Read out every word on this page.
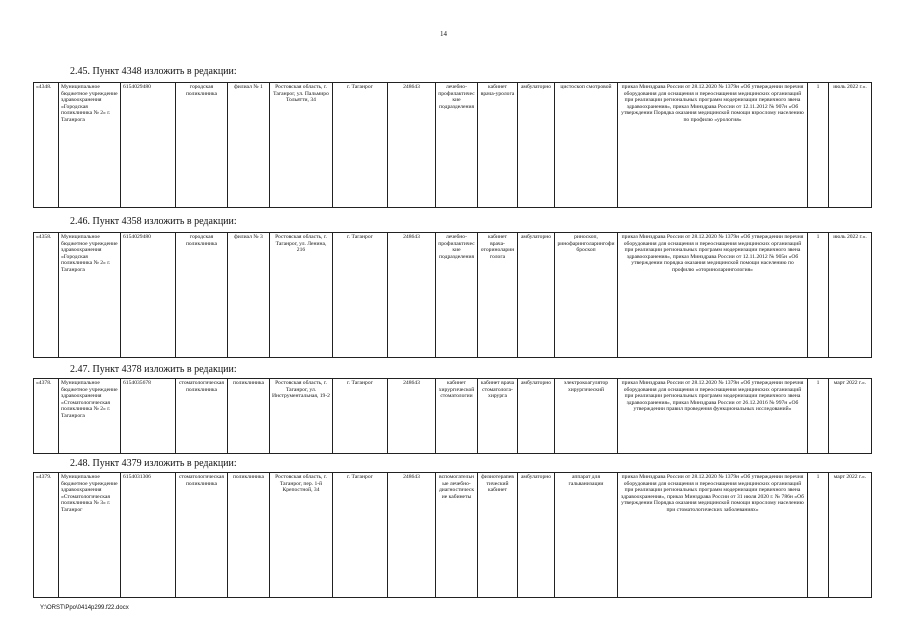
14
2.45. Пункт 4348 изложить в редакции:
«4348.	Муниципальное бюджетное учреждение здравоохранения «Городская поликлиника № 2» г. Таганрога	6154029480	городская поликлиника	филиал № 1	Ростовская область, г. Таганрог, ул. Пальмиро Тольятти, 34	г. Таганрог	248643	лечебно-профилактические подразделения	кабинет врача-уролога	амбулаторно	цистоскоп смотровой	приказ Минздрава России от 28.12.2020 № 1379н «Об утверждении перечня оборудования для оснащения и переоснащения медицинских организаций при реализации региональных программ модернизации первичного звена здравоохранения», приказ Минздрава России от 12.11.2012 № 907н «Об утверждении Порядка оказания медицинской помощи взрослому населению по профилю «урология»	1	июль 2022 г.».
2.46. Пункт 4358 изложить в редакции:
«4358.	Муниципальное бюджетное учреждение здравоохранения «Городская поликлиника № 2» г. Таганрога	6154029480	городская поликлиника	филиал № 3	Ростовская область, г. Таганрог, ул. Ленина, 216	г. Таганрог	248643	лечебно-профилактические подразделения	кабинет врача-оториноларинголога	амбулаторно	риноскоп, ринофаринголарингофиброскоп	приказ Минздрава России от 28.12.2020 № 1379н «Об утверждении перечня оборудования для оснащения и переоснащения медицинских организаций при реализации региональных программ модернизации первичного звена здравоохранения», приказ Минздрава России от 12.11.2012 № 905н «Об утверждении порядка оказания медицинской помощи населению по профилю «оториноларингология»	1	июль 2022 г.».
2.47. Пункт 4378 изложить в редакции:
«4378.	Муниципальное бюджетное учреждение здравоохранения «Стоматологическая поликлиника № 2» г. Таганрога	6154035678	стоматологическая поликлиника	поликлиника	Ростовская область, г. Таганрог, ул. Инструментальная, 19-2	г. Таганрог	248643	кабинет хирургической стоматологии	кабинет врача стоматолога-хирурга	амбулаторно	электрокоагулятор хирургический	приказ Минздрава России от 28.12.2020 № 1379н «Об утверждении перечня оборудования для оснащения и переоснащения медицинских организаций при реализации региональных программ модернизации первичного звена здравоохранения», приказ Минздрава России от 26.12.2016 № 997н «Об утверждении правил проведения функциональных исследований»	1	март 2022 г.».
2.48. Пункт 4379 изложить в редакции:
«4379.	Муниципальное бюджетное учреждение здравоохранения «Стоматологическая поликлиника № 3» г. Таганрог	6154031306	стоматологическая поликлиника	поликлиника	Ростовская область, г. Таганрог, пер. 1-й Крепостной, 34	г. Таганрог	248643	вспомогательные лечебно-диагностические кабинеты	физиотерапевтический кабинет	амбулаторно	аппарат для гальванизации	приказ Минздрава России от 28.12.2020 № 1379н «Об утверждении перечня оборудования для оснащения и переоснащения медицинских организаций при реализации региональных программ модернизации первичного звена здравоохранения», приказ Минздрава России от 31 июля 2020 г. № 786н «Об утверждении Порядка оказания медицинской помощи взрослому населению при стоматологических заболеваниях»	1	март 2022 г.».
Y:\ORST\Ppo\0414p299.f22.docx
